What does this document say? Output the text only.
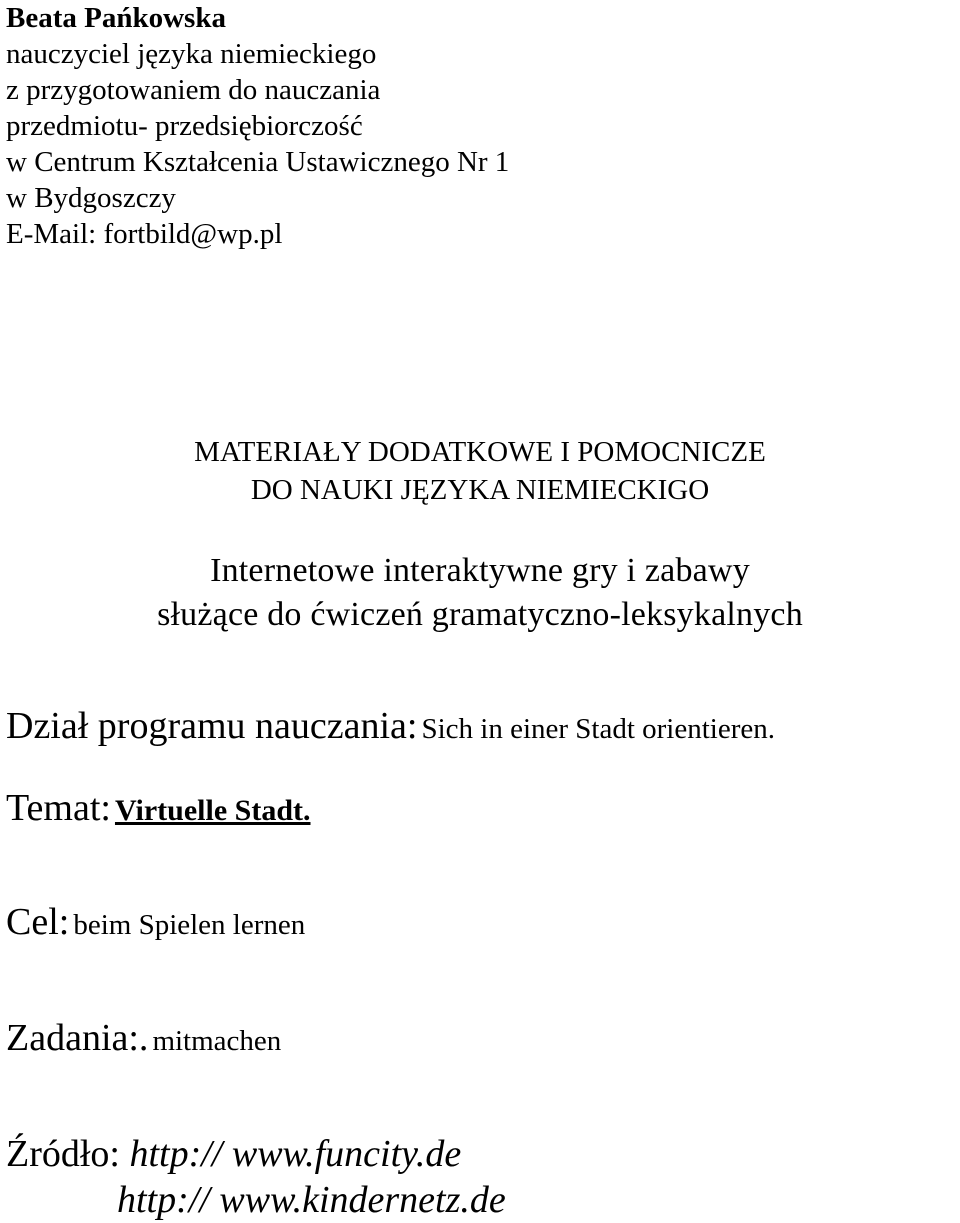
Beata Pańkowska
nauczyciel języka niemieckiego
z przygotowaniem do nauczania
przedmiotu- przedsiębiorczość
w Centrum Kształcenia Ustawicznego Nr 1
w Bydgoszczy
E-Mail: fortbild@wp.pl
MATERIAŁY DODATKOWE I POMOCNICZE
DO NAUKI JĘZYKA NIEMIECKIGO
Internetowe interaktywne gry i zabawy
służące do ćwiczeń gramatyczno-leksykalnych
Dział programu nauczania: Sich in einer Stadt orientieren.
Temat: Virtuelle Stadt.
Cel: beim Spielen lernen
Zadania:. mitmachen
Źródło: http:// www.funcity.de
http:// www.kindernetz.de
